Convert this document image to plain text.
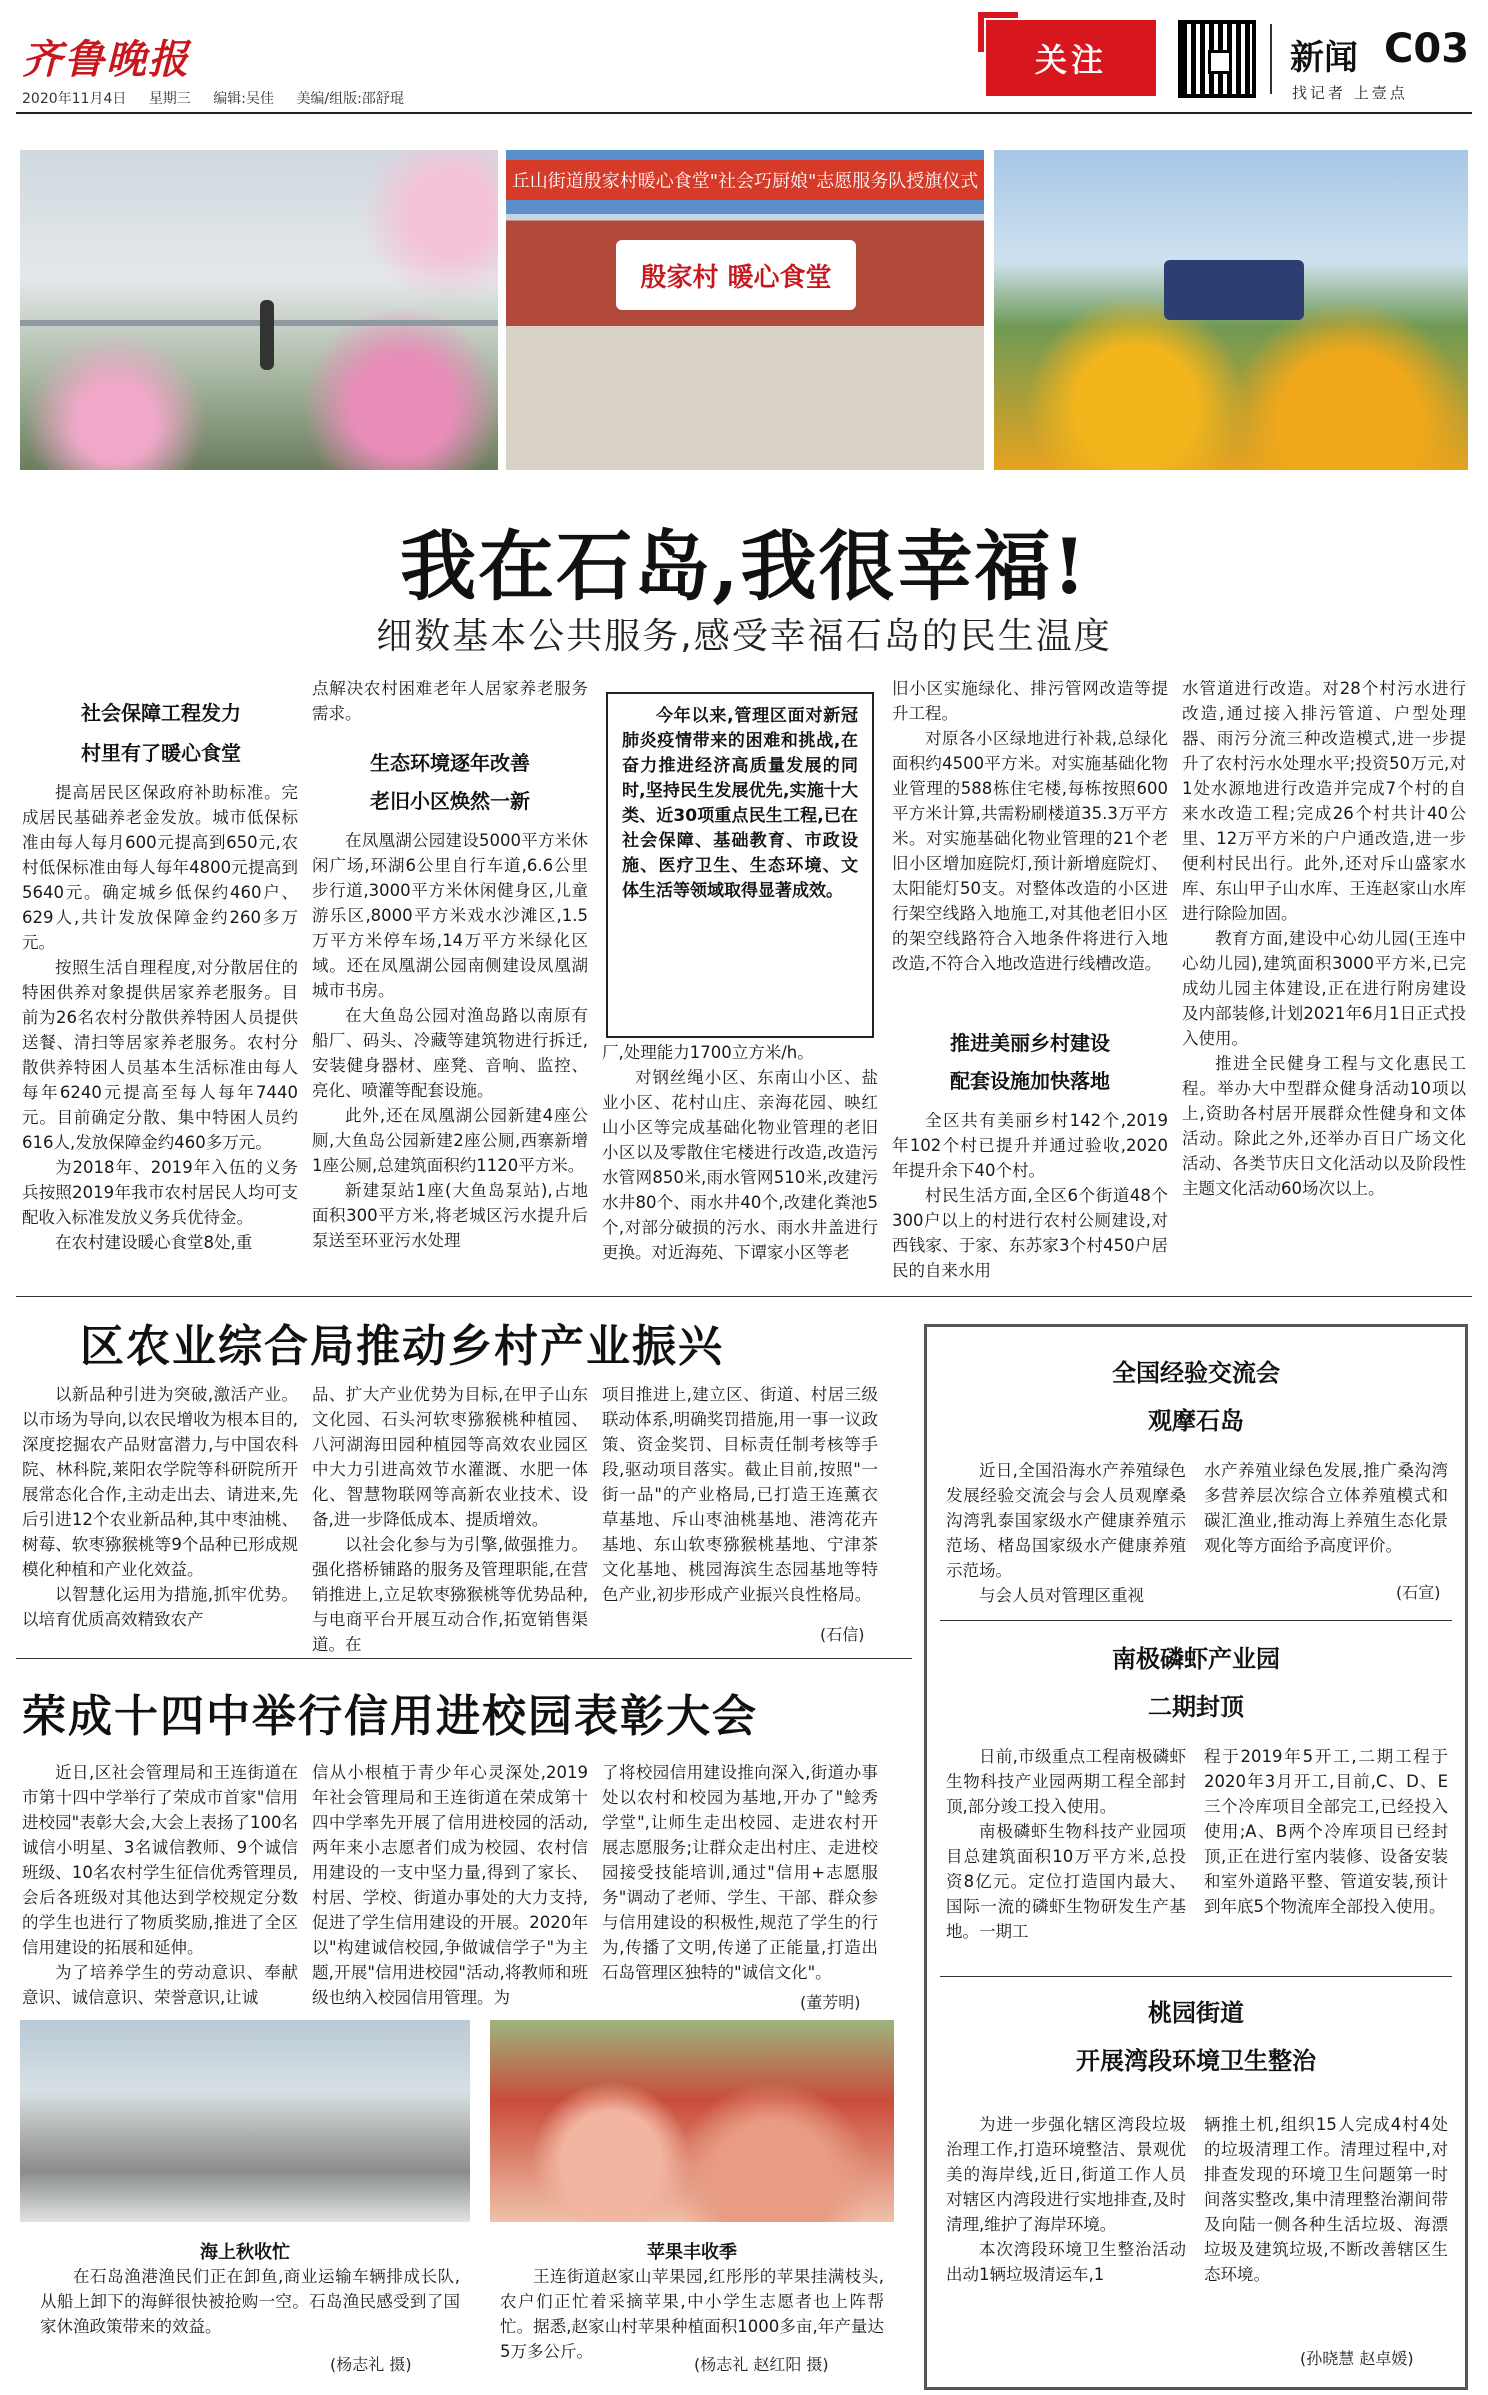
齐鲁晚报
2020年11月4日 星期三 编辑:吴佳 美编/组版:邵舒琨
关注	新闻 C03
找记者 上壹点
丘山街道殷家村暖心食堂"社会巧厨娘"志愿服务队授旗仪式
殷家村 暖心食堂
我在石岛,我很幸福!
细数基本公共服务,感受幸福石岛的民生温度
社会保障工程发力
村里有了暖心食堂

提高居民区保政府补助标准。完成居民基础养老金发放。城市低保标准由每人每月600元提高到650元,农村低保标准由每人每年4800元提高到5640元。确定城乡低保约460户、629人,共计发放保障金约260多万元。

按照生活自理程度,对分散居住的特困供养对象提供居家养老服务。目前为26名农村分散供养特困人员提供送餐、清扫等居家养老服务。农村分散供养特困人员基本生活标准由每人每年6240元提高至每人每年7440元。目前确定分散、集中特困人员约616人,发放保障金约460多万元。

为2018年、2019年入伍的义务兵按照2019年我市农村居民人均可支配收入标准发放义务兵优待金。

在农村建设暖心食堂8处,重

点解决农村困难老年人居家养老服务需求。

生态环境逐年改善
老旧小区焕然一新

在凤凰湖公园建设5000平方米休闲广场,环湖6公里自行车道,6.6公里步行道,3000平方米休闲健身区,儿童游乐区,8000平方米戏水沙滩区,1.5万平方米停车场,14万平方米绿化区域。还在凤凰湖公园南侧建设凤凰湖城市书房。

在大鱼岛公园对渔岛路以南原有船厂、码头、冷藏等建筑物进行拆迁,安装健身器材、座凳、音响、监控、亮化、喷灌等配套设施。

此外,还在凤凰湖公园新建4座公厕,大鱼岛公园新建2座公厕,西寨新增1座公厕,总建筑面积约1120平方米。

新建泵站1座(大鱼岛泵站),占地面积300平方米,将老城区污水提升后泵送至环亚污水处理

今年以来,管理区面对新冠肺炎疫情带来的困难和挑战,在奋力推进经济高质量发展的同时,坚持民生发展优先,实施十大类、近30项重点民生工程,已在社会保障、基础教育、市政设施、医疗卫生、生态环境、文体生活等领域取得显著成效。

厂,处理能力1700立方米/h。

对钢丝绳小区、东南山小区、盐业小区、花村山庄、亲海花园、映红山小区等完成基础化物业管理的老旧小区以及零散住宅楼进行改造,改造污水管网850米,雨水管网510米,改建污水井80个、雨水井40个,改建化粪池5个,对部分破损的污水、雨水井盖进行更换。对近海苑、下谭家小区等老

旧小区实施绿化、排污管网改造等提升工程。

对原各小区绿地进行补栽,总绿化面积约4500平方米。对实施基础化物业管理的588栋住宅楼,每栋按照600平方米计算,共需粉刷楼道35.3万平方米。对实施基础化物业管理的21个老旧小区增加庭院灯,预计新增庭院灯、太阳能灯50支。对整体改造的小区进行架空线路入地施工,对其他老旧小区的架空线路符合入地条件将进行入地改造,不符合入地改造进行线槽改造。

推进美丽乡村建设
配套设施加快落地

全区共有美丽乡村142个,2019年102个村已提升并通过验收,2020年提升余下40个村。

村民生活方面,全区6个街道48个300户以上的村进行农村公厕建设,对西钱家、于家、东苏家3个村450户居民的自来水用

水管道进行改造。对28个村污水进行改造,通过接入排污管道、户型处理器、雨污分流三种改造模式,进一步提升了农村污水处理水平;投资50万元,对1处水源地进行改造并完成7个村的自来水改造工程;完成26个村共计40公里、12万平方米的户户通改造,进一步便利村民出行。此外,还对斥山盛家水库、东山甲子山水库、王连赵家山水库进行除险加固。

教育方面,建设中心幼儿园(王连中心幼儿园),建筑面积3000平方米,已完成幼儿园主体建设,正在进行附房建设及内部装修,计划2021年6月1日正式投入使用。

推进全民健身工程与文化惠民工程。举办大中型群众健身活动10项以上,资助各村居开展群众性健身和文体活动。除此之外,还举办百日广场文化活动、各类节庆日文化活动以及阶段性主题文化活动60场次以上。

区农业综合局推动乡村产业振兴

以新品种引进为突破,激活产业。以市场为导向,以农民增收为根本目的,深度挖掘农产品财富潜力,与中国农科院、林科院,莱阳农学院等科研院所开展常态化合作,主动走出去、请进来,先后引进12个农业新品种,其中枣油桃、树莓、软枣猕猴桃等9个品种已形成规模化种植和产业化效益。

以智慧化运用为措施,抓牢优势。以培育优质高效精致农产

品、扩大产业优势为目标,在甲子山东文化园、石头河软枣猕猴桃种植园、八河湖海田园种植园等高效农业园区中大力引进高效节水灌溉、水肥一体化、智慧物联网等高新农业技术、设备,进一步降低成本、提质增效。

以社会化参与为引擎,做强推力。强化搭桥铺路的服务及管理职能,在营销推进上,立足软枣猕猴桃等优势品种,与电商平台开展互动合作,拓宽销售渠道。在

项目推进上,建立区、街道、村居三级联动体系,明确奖罚措施,用一事一议政策、资金奖罚、目标责任制考核等手段,驱动项目落实。截止目前,按照"一街一品"的产业格局,已打造王连薰衣草基地、斥山枣油桃基地、港湾花卉基地、东山软枣猕猴桃基地、宁津茶文化基地、桃园海滨生态园基地等特色产业,初步形成产业振兴良性格局。

(石信)
荣成十四中举行信用进校园表彰大会

近日,区社会管理局和王连街道在市第十四中学举行了荣成市首家"信用进校园"表彰大会,大会上表扬了100名诚信小明星、3名诚信教师、9个诚信班级、10名农村学生征信优秀管理员,会后各班级对其他达到学校规定分数的学生也进行了物质奖励,推进了全区信用建设的拓展和延伸。

为了培养学生的劳动意识、奉献意识、诚信意识、荣誉意识,让诚

信从小根植于青少年心灵深处,2019年社会管理局和王连街道在荣成第十四中学率先开展了信用进校园的活动,两年来小志愿者们成为校园、农村信用建设的一支中坚力量,得到了家长、村居、学校、街道办事处的大力支持,促进了学生信用建设的开展。2020年以"构建诚信校园,争做诚信学子"为主题,开展"信用进校园"活动,将教师和班级也纳入校园信用管理。为

了将校园信用建设推向深入,街道办事处以农村和校园为基地,开办了"鲶秀学堂",让师生走出校园、走进农村开展志愿服务;让群众走出村庄、走进校园接受技能培训,通过"信用+志愿服务"调动了老师、学生、干部、群众参与信用建设的积极性,规范了学生的行为,传播了文明,传递了正能量,打造出石岛管理区独特的"诚信文化"。

(董芳明)
海上秋收忙

在石岛渔港渔民们正在卸鱼,商业运输车辆排成长队,从船上卸下的海鲜很快被抢购一空。石岛渔民感受到了国家休渔政策带来的效益。

(杨志礼 摄)
苹果丰收季

王连街道赵家山苹果园,红彤彤的苹果挂满枝头,农户们正忙着采摘苹果,中小学生志愿者也上阵帮忙。据悉,赵家山村苹果种植面积1000多亩,年产量达5万多公斤。

(杨志礼 赵红阳 摄)
全国经验交流会
观摩石岛

近日,全国沿海水产养殖绿色发展经验交流会与会人员观摩桑沟湾乳泰国家级水产健康养殖示范场、楮岛国家级水产健康养殖示范场。

与会人员对管理区重视

水产养殖业绿色发展,推广桑沟湾多营养层次综合立体养殖模式和碳汇渔业,推动海上养殖生态化景观化等方面给予高度评价。

(石宣)
南极磷虾产业园
二期封顶

日前,市级重点工程南极磷虾生物科技产业园两期工程全部封顶,部分竣工投入使用。

南极磷虾生物科技产业园项目总建筑面积10万平方米,总投资8亿元。定位打造国内最大、国际一流的磷虾生物研发生产基地。一期工

程于2019年5开工,二期工程于2020年3月开工,目前,C、D、E三个冷库项目全部完工,已经投入使用;A、B两个冷库项目已经封顶,正在进行室内装修、设备安装和室外道路平整、管道安装,预计到年底5个物流库全部投入使用。

桃园街道
开展湾段环境卫生整治

为进一步强化辖区湾段垃圾治理工作,打造环境整洁、景观优美的海岸线,近日,街道工作人员对辖区内湾段进行实地排查,及时清理,维护了海岸环境。

本次湾段环境卫生整治活动出动1辆垃圾清运车,1

辆推土机,组织15人完成4村4处的垃圾清理工作。清理过程中,对排查发现的环境卫生问题第一时间落实整改,集中清理整治潮间带及向陆一侧各种生活垃圾、海漂垃圾及建筑垃圾,不断改善辖区生态环境。

(孙晓慧 赵卓媛)
